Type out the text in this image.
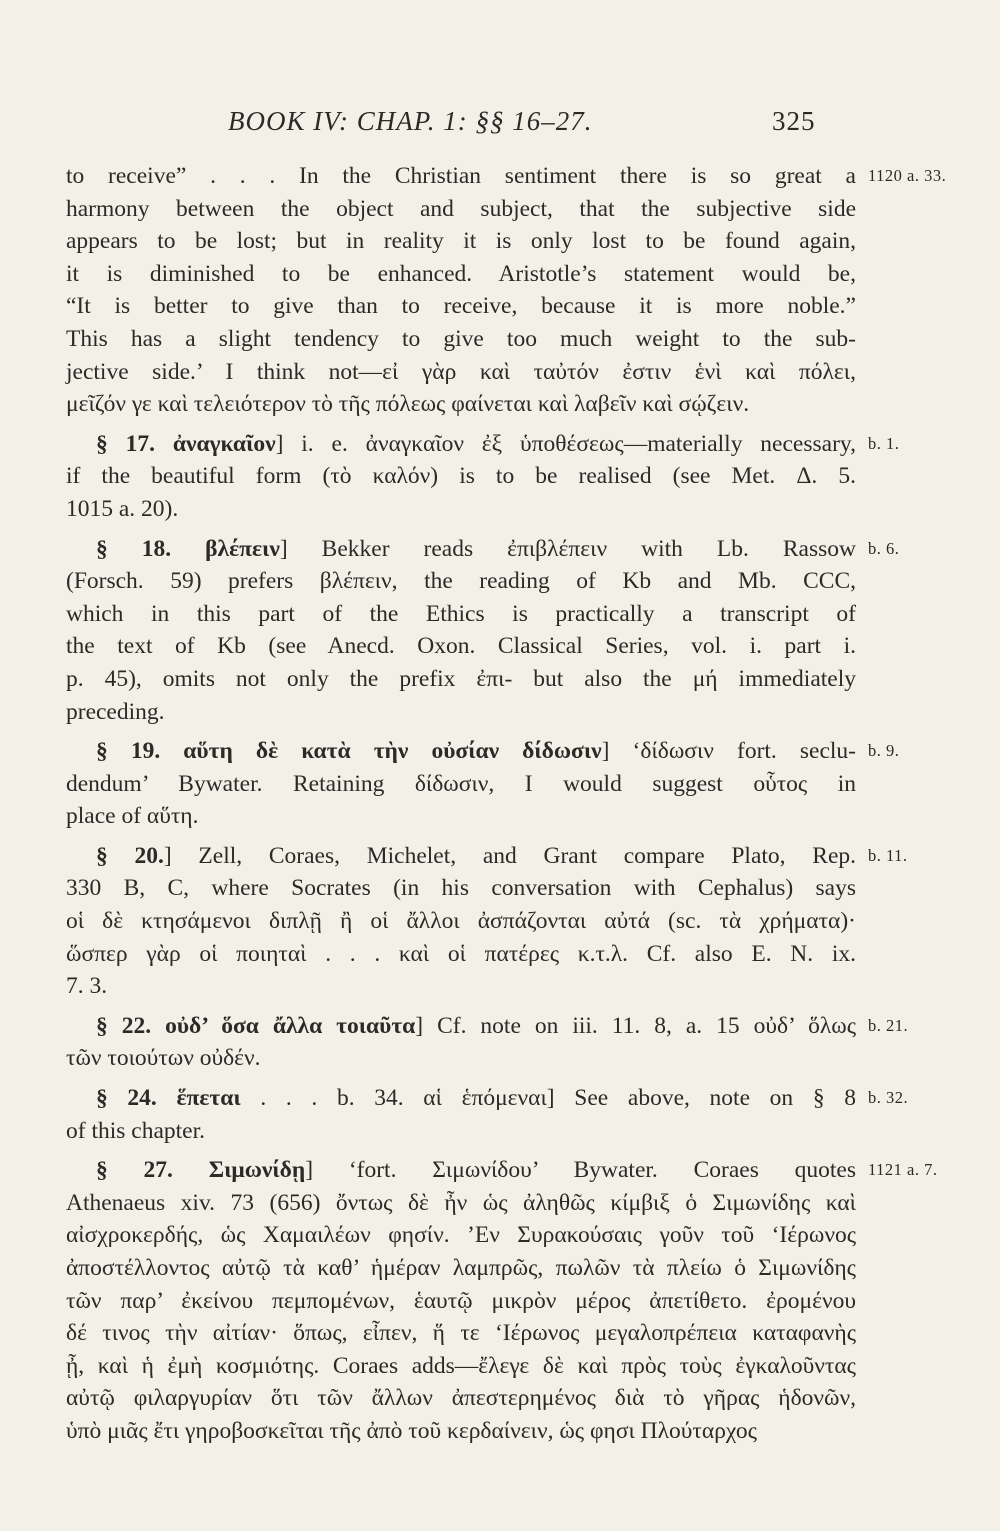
BOOK IV: CHAP. 1: §§ 16–27.	325
to receive” . . . In the Christian sentiment there is so great a 1120 a. 33.
harmony between the object and subject, that the subjective side
appears to be lost; but in reality it is only lost to be found again,
it is diminished to be enhanced. Aristotle’s statement would be,
“It is better to give than to receive, because it is more noble.”
This has a slight tendency to give too much weight to the sub-
jective side.’ I think not—εἰ γὰρ καὶ ταὐτόν ἐστιν ἑνὶ καὶ πόλει,
μεῖζόν γε καὶ τελειότερον τὸ τῆς πόλεως φαίνεται καὶ λαβεῖν καὶ σῴζειν.
§ 17. ἀναγκαῖον] i. e. ἀναγκαῖον ἐξ ὑποθέσεως—materially necessary, b. 1.
if the beautiful form (τὸ καλόν) is to be realised (see Met. Δ. 5.
1015 a. 20).
§ 18. βλέπειν] Bekker reads ἐπιβλέπειν with Lb. Rassow b. 6.
(Forsch. 59) prefers βλέπειν, the reading of Kb and Mb. CCC,
which in this part of the Ethics is practically a transcript of
the text of Kb (see Anecd. Oxon. Classical Series, vol. i. part i.
p. 45), omits not only the prefix ἐπι- but also the μή immediately
preceding.
§ 19. αὕτη δὲ κατὰ τὴν οὐσίαν δίδωσιν] ‘δίδωσιν fort. seclu- b. 9.
dendum’ Bywater. Retaining δίδωσιν, I would suggest οὗτος in
place of αὕτη.
§ 20.] Zell, Coraes, Michelet, and Grant compare Plato, Rep. b. 11.
330 B, C, where Socrates (in his conversation with Cephalus) says
οἱ δὲ κτησάμενοι διπλῇ ἢ οἱ ἄλλοι ἀσπάζονται αὐτά (sc. τὰ χρήματα)·
ὥσπερ γὰρ οἱ ποιηταὶ . . . καὶ οἱ πατέρες κ.τ.λ. Cf. also E. N. ix.
7. 3.
§ 22. οὐδ’ ὅσα ἄλλα τοιαῦτα] Cf. note on iii. 11. 8, a. 15 οὐδ’ ὅλως b. 21.
τῶν τοιούτων οὐδέν.
§ 24. ἕπεται . . . b. 34. αἱ ἑπόμεναι] See above, note on § 8 b. 32.
of this chapter.
§ 27. Σιμωνίδῃ] ‘fort. Σιμωνίδου’ Bywater. Coraes quotes 1121 a. 7.
Athenaeus xiv. 73 (656) ὄντως δὲ ἦν ὡς ἀληθῶς κίμβιξ ὁ Σιμωνίδης καὶ
αἰσχροκερδής, ὡς Χαμαιλέων φησίν. ’Εν Συρακούσαις γοῦν τοῦ ‘Ιέρωνος
ἀποστέλλοντος αὐτῷ τὰ καθ’ ἡμέραν λαμπρῶς, πωλῶν τὰ πλείω ὁ Σιμωνίδης
τῶν παρ’ ἐκείνου πεμπομένων, ἑαυτῷ μικρὸν μέρος ἀπετίθετο. ἐρομένου
δέ τινος τὴν αἰτίαν· ὅπως, εἶπεν, ἥ τε ‘Ιέρωνος μεγαλοπρέπεια καταφανὴς
ᾖ, καὶ ἡ ἐμὴ κοσμιότης. Coraes adds—ἔλεγε δὲ καὶ πρὸς τοὺς ἐγκαλοῦντας
αὐτῷ φιλαργυρίαν ὅτι τῶν ἄλλων ἀπεστερημένος διὰ τὸ γῆρας ἡδονῶν,
ὑπὸ μιᾶς ἔτι γηροβοσκεῖται τῆς ἀπὸ τοῦ κερδαίνειν, ὡς φησι Πλούταρχος
